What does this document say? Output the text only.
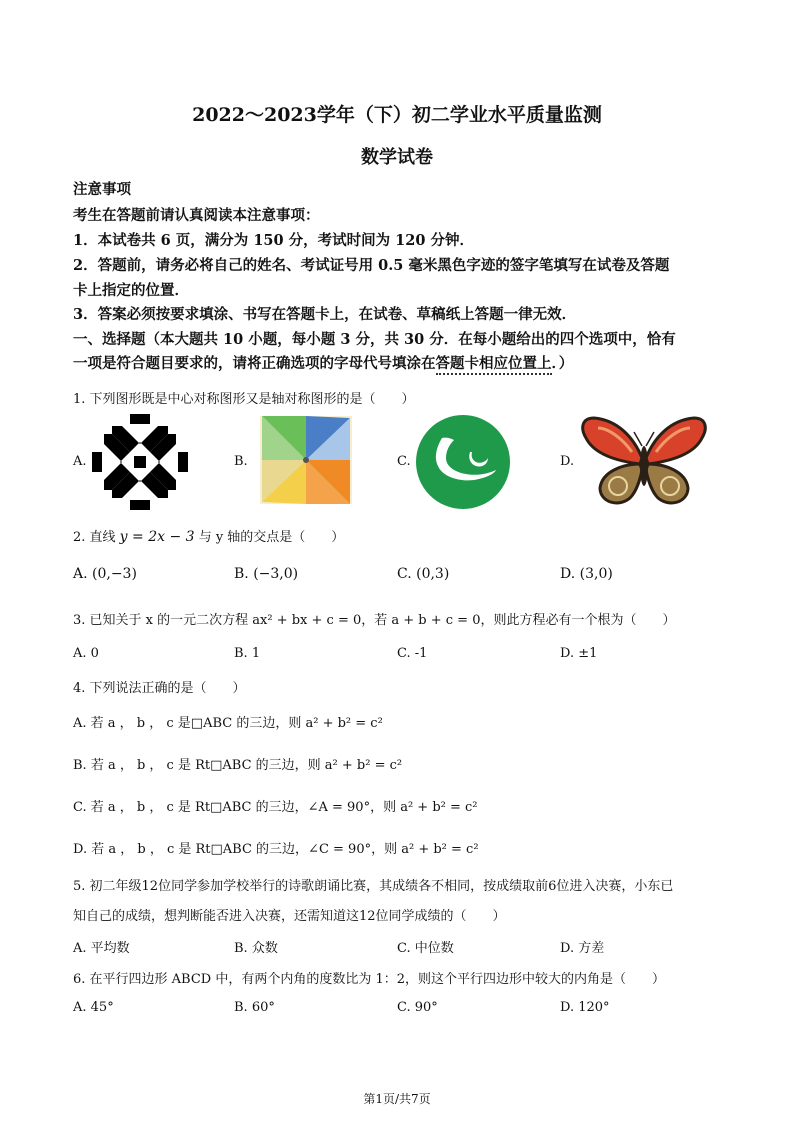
2022～2023学年（下）初二学业水平质量监测
数学试卷
注意事项
考生在答题前请认真阅读本注意事项：
1．本试卷共 6 页，满分为 150 分，考试时间为 120 分钟．
2．答题前，请务必将自己的姓名、考试证号用 0.5 毫米黑色字迹的签字笔填写在试卷及答题
卡上指定的位置．
3．答案必须按要求填涂、书写在答题卡上，在试卷、草稿纸上答题一律无效．
一、选择题（本大题共 10 小题，每小题 3 分，共 30 分．在每小题给出的四个选项中，恰有
一项是符合题目要求的，请将正确选项的字母代号填涂在答题卡相应位置上．）
1. 下列图形既是中心对称图形又是轴对称图形的是（　　）
A.	B.	C.	D.
2. 直线 y = 2x − 3 与 y 轴的交点是（　　）
A. (0,−3)	B. (−3,0)	C. (0,3)	D. (3,0)
3. 已知关于 x 的一元二次方程 ax² + bx + c = 0，若 a + b + c = 0，则此方程必有一个根为（　　）
A. 0	B. 1	C. -1	D. ±1
4. 下列说法正确的是（　　）
A. 若 a ， b ， c 是□ABC 的三边，则 a² + b² = c²
B. 若 a ， b ， c 是 Rt□ABC 的三边，则 a² + b² = c²
C. 若 a ， b ， c 是 Rt□ABC 的三边，∠A = 90°，则 a² + b² = c²
D. 若 a ， b ， c 是 Rt□ABC 的三边，∠C = 90°，则 a² + b² = c²
5. 初二年级12位同学参加学校举行的诗歌朗诵比赛，其成绩各不相同，按成绩取前6位进入决赛，小东已
知自己的成绩，想判断能否进入决赛，还需知道这12位同学成绩的（　　）
A. 平均数	B. 众数	C. 中位数	D. 方差
6. 在平行四边形 ABCD 中，有两个内角的度数比为 1：2，则这个平行四边形中较大的内角是（　　）
A. 45°	B. 60°	C. 90°	D. 120°
第1页/共7页
